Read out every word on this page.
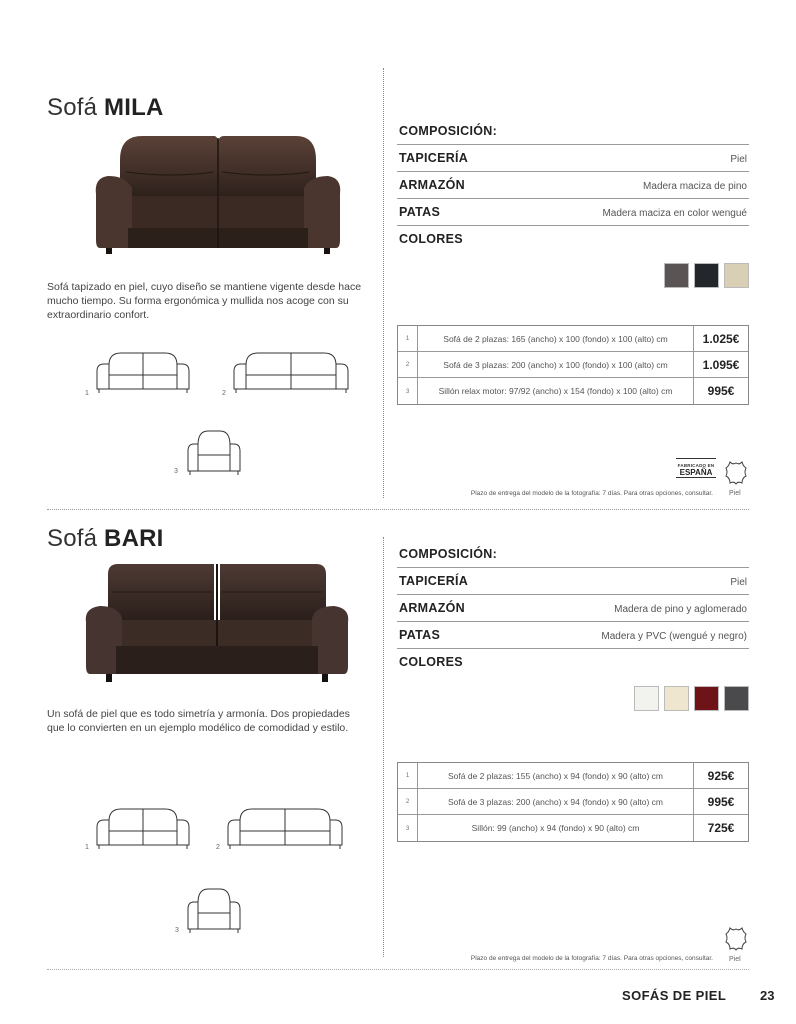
Sofá MILA

Sofá tapizado en piel, cuyo diseño se mantiene vigente desde hace mucho tiempo. Su forma ergonómica y mullida nos acoge con su extraordinario confort.

1	2
3
COMPOSICIÓN:
TAPICERÍA	Piel
ARMAZÓN	Madera maciza de pino
PATAS	Madera maciza en color wengué
COLORES
1	Sofá de 2 plazas: 165 (ancho) x 100 (fondo) x 100 (alto) cm	1.025€
2	Sofá de 3 plazas: 200 (ancho) x 100 (fondo) x 100 (alto) cm	1.095€
3	Sillón relax motor: 97/92 (ancho) x 154 (fondo) x 100 (alto) cm	995€
FABRICADO EN
ESPAÑA
Piel
Plazo de entrega del modelo de la fotografía: 7 días. Para otras opciones, consultar.
Sofá BARI

Un sofá de piel que es todo simetría y armonía. Dos propiedades que lo convierten en un ejemplo modélico de comodidad y estilo.

1	2
3
COMPOSICIÓN:
TAPICERÍA	Piel
ARMAZÓN	Madera de pino y aglomerado
PATAS	Madera y PVC (wengué y negro)
COLORES
1	Sofá de 2 plazas: 155 (ancho) x 94 (fondo) x 90 (alto) cm	925€
2	Sofá de 3 plazas: 200 (ancho) x 94 (fondo) x 90 (alto) cm	995€
3	Sillón: 99 (ancho) x 94 (fondo) x 90 (alto) cm	725€
Piel
Plazo de entrega del modelo de la fotografía: 7 días. Para otras opciones, consultar.
SOFÁS DE PIEL	23
